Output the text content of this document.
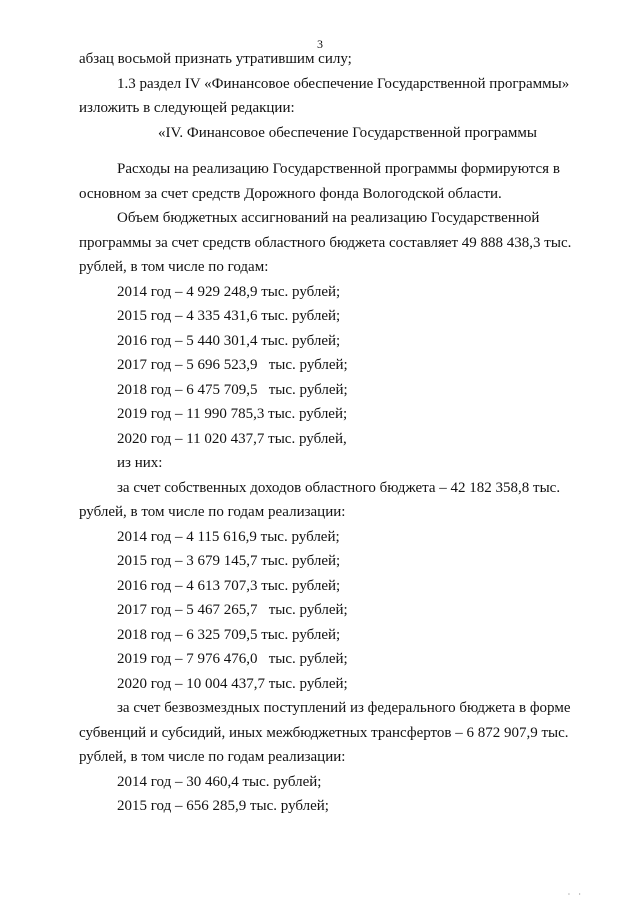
3
абзац восьмой признать утратившим силу;
1.3 раздел IV «Финансовое обеспечение Государственной программы»
изложить в следующей редакции:
«IV. Финансовое обеспечение Государственной программы
Расходы на реализацию Государственной программы формируются в
основном за счет средств Дорожного фонда Вологодской области.
Объем бюджетных ассигнований на реализацию Государственной
программы за счет средств областного бюджета составляет 49 888 438,3 тыс.
рублей, в том числе по годам:
2014 год – 4 929 248,9 тыс. рублей;
2015 год – 4 335 431,6 тыс. рублей;
2016 год – 5 440 301,4 тыс. рублей;
2017 год – 5 696 523,9   тыс. рублей;
2018 год – 6 475 709,5   тыс. рублей;
2019 год – 11 990 785,3 тыс. рублей;
2020 год – 11 020 437,7 тыс. рублей,
из них:
за счет собственных доходов областного бюджета – 42 182 358,8 тыс.
рублей, в том числе по годам реализации:
2014 год – 4 115 616,9 тыс. рублей;
2015 год – 3 679 145,7 тыс. рублей;
2016 год – 4 613 707,3 тыс. рублей;
2017 год – 5 467 265,7   тыс. рублей;
2018 год – 6 325 709,5 тыс. рублей;
2019 год – 7 976 476,0   тыс. рублей;
2020 год – 10 004 437,7 тыс. рублей;
за счет безвозмездных поступлений из федерального бюджета в форме
субвенций и субсидий, иных межбюджетных трансфертов – 6 872 907,9 тыс.
рублей, в том числе по годам реализации:
2014 год – 30 460,4 тыс. рублей;
2015 год – 656 285,9 тыс. рублей;
· ·
